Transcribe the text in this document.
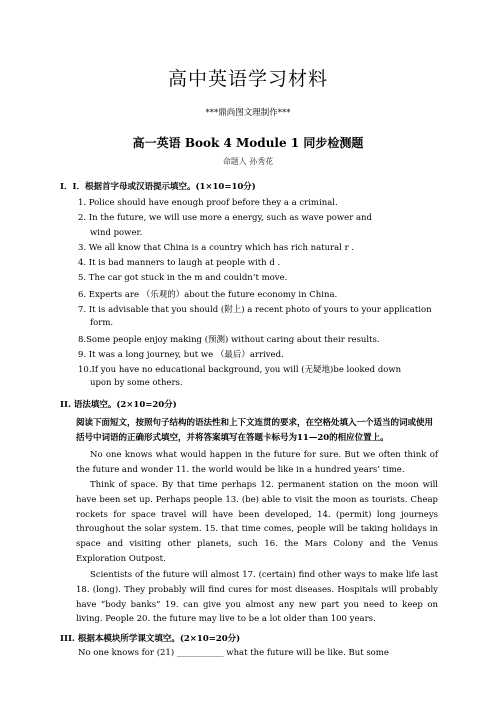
高中英语学习材料
***鼎尚图文理制作***
高一英语 Book 4 Module 1 同步检测题
命题人 孙秀花
I．I．根据首字母或汉语提示填空。(1×10=10分)
1. Police should have enough proof before they a a criminal.
2. In the future, we will use more a energy, such as wave power and
wind power.
3. We all know that China is a country which has rich natural r .
4. It is bad manners to laugh at people with d .
5. The car got stuck in the m and couldn’t move.
6. Experts are （乐观的）about the future economy in China.
7. It is advisable that you should (附上) a recent photo of yours to your application
form.
8.Some people enjoy making (预测) without caring about their results.
9. It was a long journey, but we （最后）arrived.
10.If you have no educational background, you will (无疑地)be looked down
upon by some others.
II. 语法填空。(2×10=20分)
阅读下面短文，按照句子结构的语法性和上下文连贯的要求，在空格处填入一个适当的词或使用括号中词语的正确形式填空，并将答案填写在答题卡标号为11—20的相应位置上。
No one knows what would happen in the future for sure. But we often think of the future and wonder 11. the world would be like in a hundred years’ time.
Think of space. By that time perhaps 12. permanent station on the moon will have been set up. Perhaps people 13. (be) able to visit the moon as tourists. Cheap rockets for space travel will have been developed, 14. (permit) long journeys throughout the solar system. 15. that time comes, people will be taking holidays in space and visiting other planets, such 16. the Mars Colony and the Venus Exploration Outpost.
Scientists of the future will almost 17. (certain) find other ways to make life last 18. (long). They probably will find cures for most diseases. Hospitals will probably have “body banks” 19. can give you almost any new part you need to keep on living. People 20. the future may live to be a lot older than 100 years.
III. 根据本模块所学课文填空。(2×10=20分)
No one knows for (21) ___________ what the future will be like. But some
